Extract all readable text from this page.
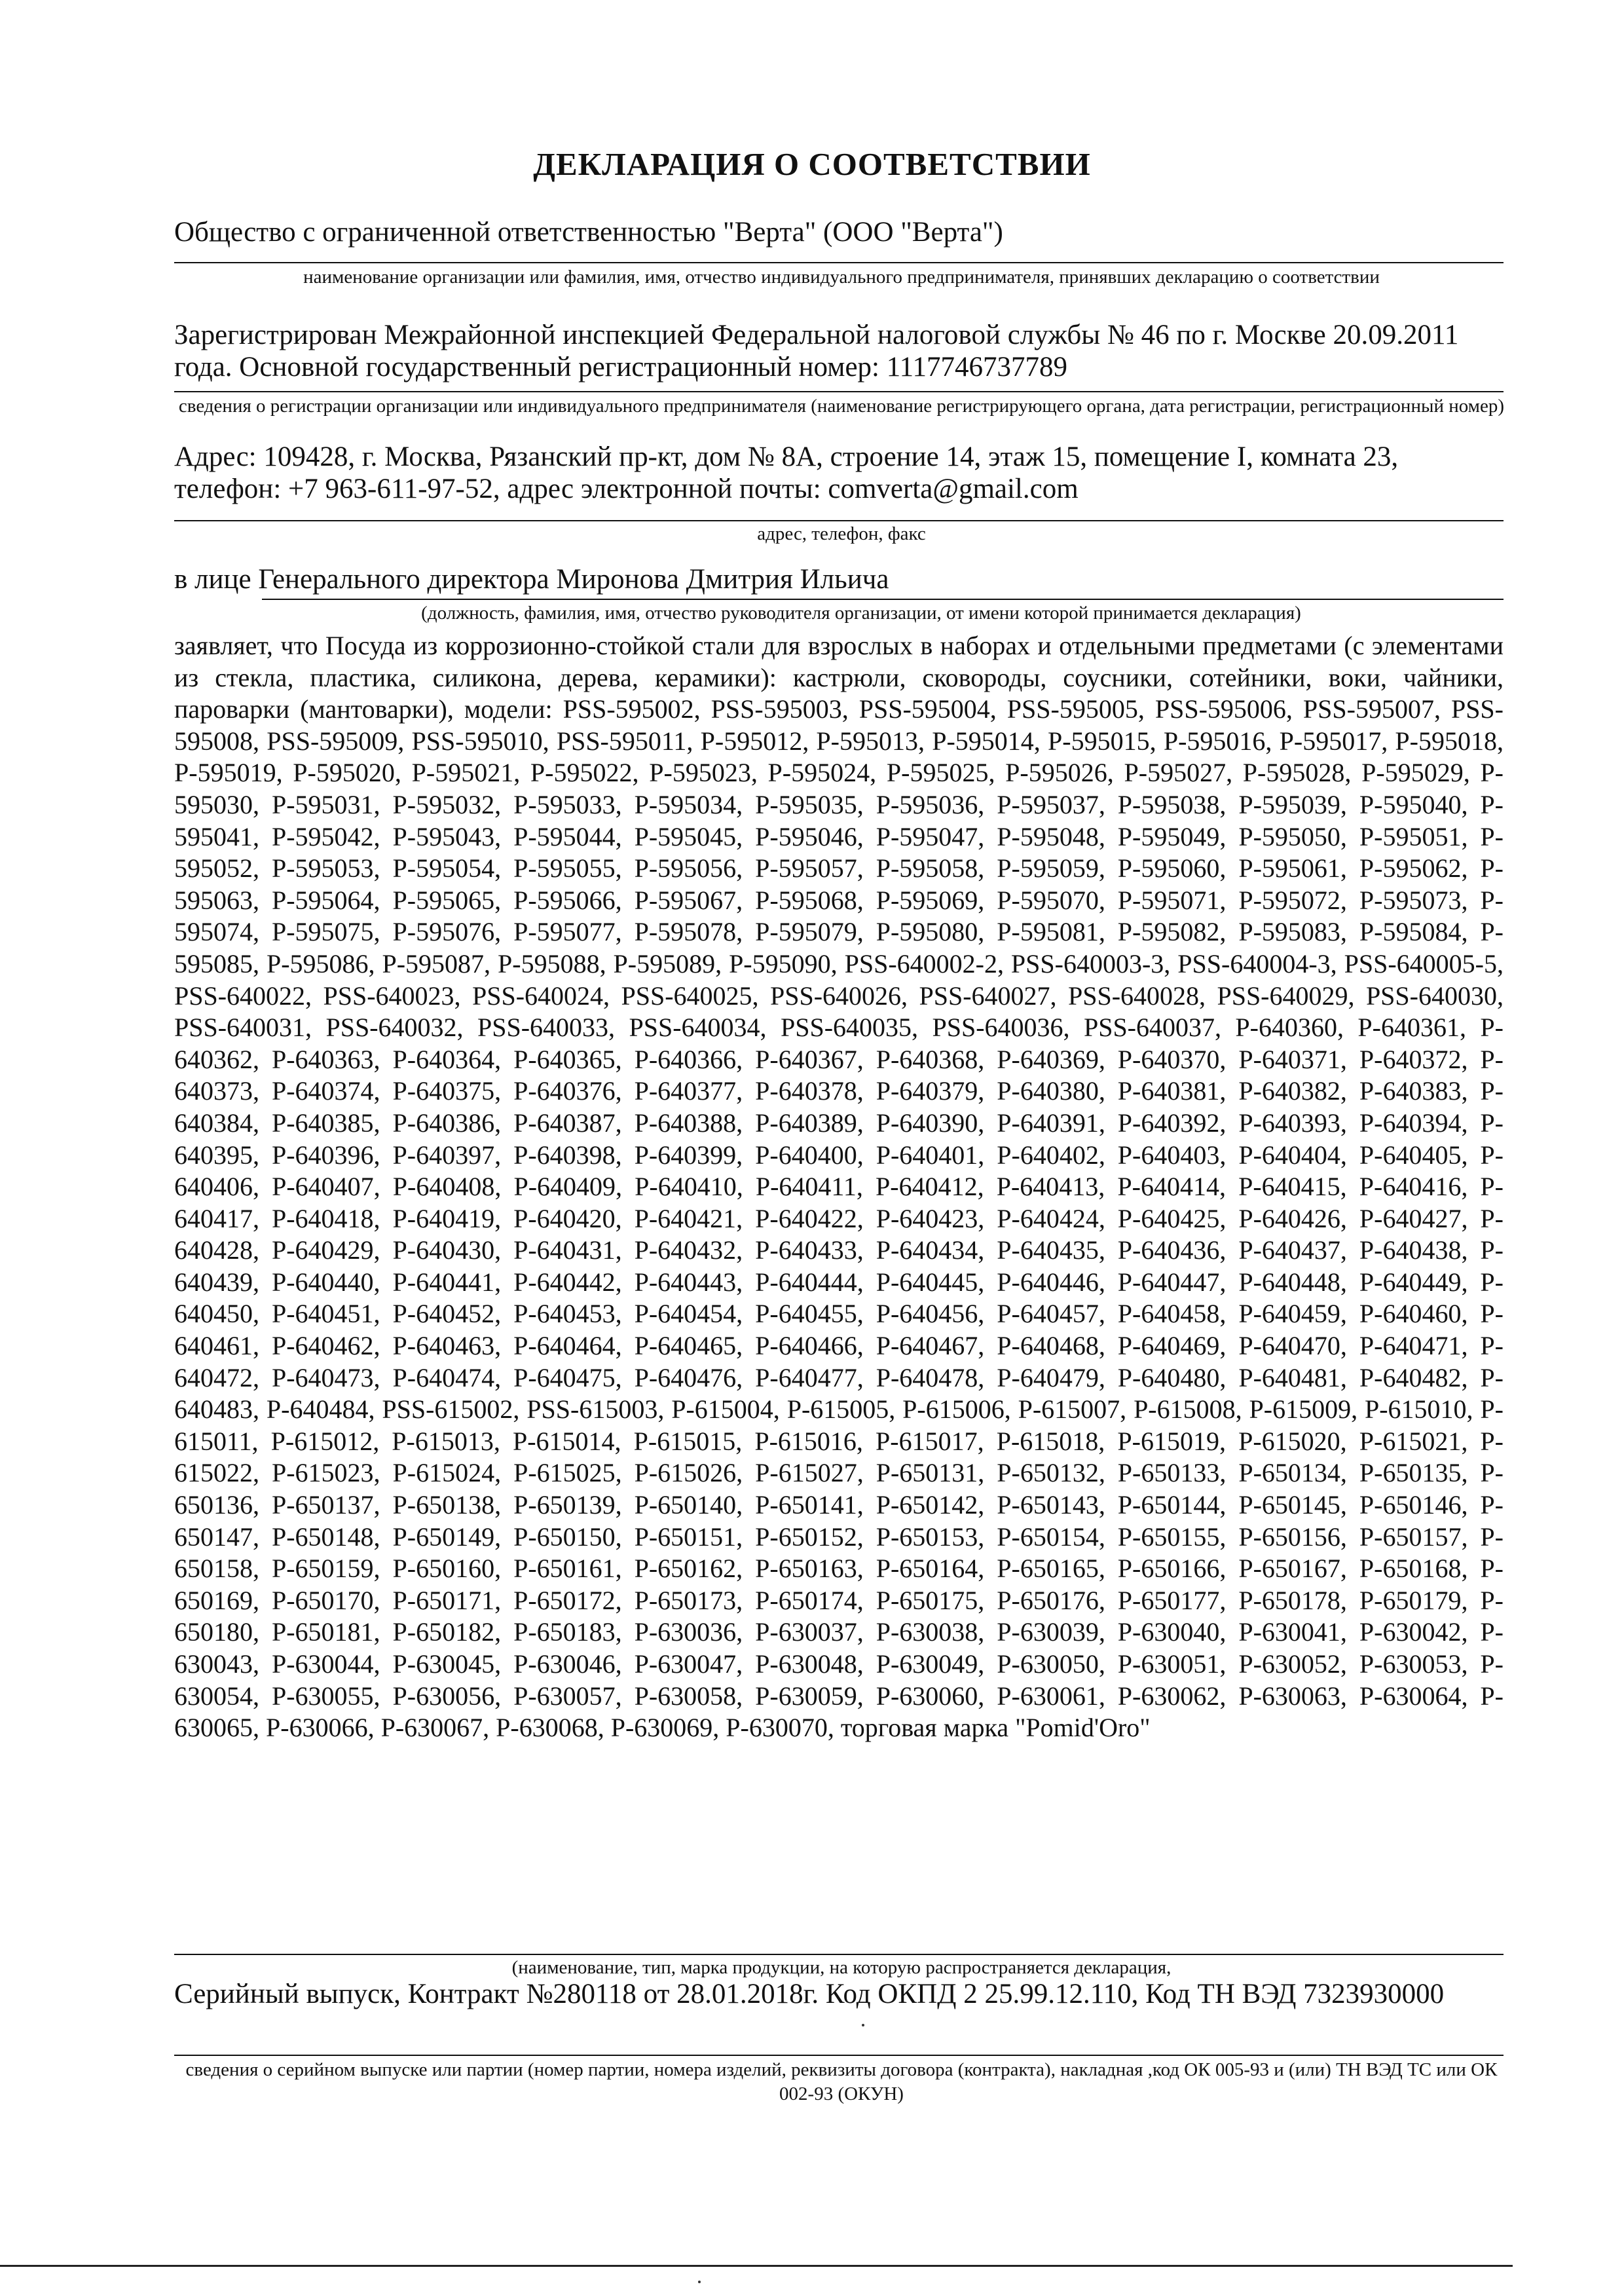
ДЕКЛАРАЦИЯ О СООТВЕТСТВИИ
Общество с ограниченной ответственностью "Верта" (ООО "Верта")
наименование организации или фамилия, имя, отчество индивидуального предпринимателя, принявших декларацию о соответствии
Зарегистрирован Межрайонной инспекцией Федеральной налоговой службы № 46 по г. Москве 20.09.2011 года. Основной государственный регистрационный номер: 1117746737789
сведения о регистрации организации или индивидуального предпринимателя (наименование регистрирующего органа, дата регистрации, регистрационный номер)
Адрес: 109428, г. Москва, Рязанский пр-кт, дом № 8А, строение 14, этаж 15, помещение I, комната 23, телефон: +7 963-611-97-52, адрес электронной почты: comverta@gmail.com
адрес, телефон, факс
в лице Генерального директора Миронова Дмитрия Ильича
(должность, фамилия, имя, отчество руководителя организации, от имени которой принимается декларация)
заявляет, что Посуда из коррозионно-стойкой стали для взрослых в наборах и отдельными предметами (с элементами из стекла, пластика, силикона, дерева, керамики): кастрюли, сковороды, соусники, сотейники, воки, чайники, пароварки (мантоварки), модели: PSS-595002, PSS-595003, PSS-595004, PSS-595005, PSS-595006, PSS-595007, PSS-595008, PSS-595009, PSS-595010, PSS-595011, P-595012, P-595013, P-595014, P-595015, P-595016, P-595017, P-595018, P-595019, P-595020, P-595021, P-595022, P-595023, P-595024, P-595025, P-595026, P-595027, P-595028, P-595029, P-595030, P-595031, P-595032, P-595033, P-595034, P-595035, P-595036, P-595037, P-595038, P-595039, P-595040, P-595041, P-595042, P-595043, P-595044, P-595045, P-595046, P-595047, P-595048, P-595049, P-595050, P-595051, P-595052, P-595053, P-595054, P-595055, P-595056, P-595057, P-595058, P-595059, P-595060, P-595061, P-595062, P-595063, P-595064, P-595065, P-595066, P-595067, P-595068, P-595069, P-595070, P-595071, P-595072, P-595073, P-595074, P-595075, P-595076, P-595077, P-595078, P-595079, P-595080, P-595081, P-595082, P-595083, P-595084, P-595085, P-595086, P-595087, P-595088, P-595089, P-595090, PSS-640002-2, PSS-640003-3, PSS-640004-3, PSS-640005-5, PSS-640022, PSS-640023, PSS-640024, PSS-640025, PSS-640026, PSS-640027, PSS-640028, PSS-640029, PSS-640030, PSS-640031, PSS-640032, PSS-640033, PSS-640034, PSS-640035, PSS-640036, PSS-640037, P-640360, P-640361, P-640362, P-640363, P-640364, P-640365, P-640366, P-640367, P-640368, P-640369, P-640370, P-640371, P-640372, P-640373, P-640374, P-640375, P-640376, P-640377, P-640378, P-640379, P-640380, P-640381, P-640382, P-640383, P-640384, P-640385, P-640386, P-640387, P-640388, P-640389, P-640390, P-640391, P-640392, P-640393, P-640394, P-640395, P-640396, P-640397, P-640398, P-640399, P-640400, P-640401, P-640402, P-640403, P-640404, P-640405, P-640406, P-640407, P-640408, P-640409, P-640410, P-640411, P-640412, P-640413, P-640414, P-640415, P-640416, P-640417, P-640418, P-640419, P-640420, P-640421, P-640422, P-640423, P-640424, P-640425, P-640426, P-640427, P-640428, P-640429, P-640430, P-640431, P-640432, P-640433, P-640434, P-640435, P-640436, P-640437, P-640438, P-640439, P-640440, P-640441, P-640442, P-640443, P-640444, P-640445, P-640446, P-640447, P-640448, P-640449, P-640450, P-640451, P-640452, P-640453, P-640454, P-640455, P-640456, P-640457, P-640458, P-640459, P-640460, P-640461, P-640462, P-640463, P-640464, P-640465, P-640466, P-640467, P-640468, P-640469, P-640470, P-640471, P-640472, P-640473, P-640474, P-640475, P-640476, P-640477, P-640478, P-640479, P-640480, P-640481, P-640482, P-640483, P-640484, PSS-615002, PSS-615003, P-615004, P-615005, P-615006, P-615007, P-615008, P-615009, P-615010, P-615011, P-615012, P-615013, P-615014, P-615015, P-615016, P-615017, P-615018, P-615019, P-615020, P-615021, P-615022, P-615023, P-615024, P-615025, P-615026, P-615027, P-650131, P-650132, P-650133, P-650134, P-650135, P-650136, P-650137, P-650138, P-650139, P-650140, P-650141, P-650142, P-650143, P-650144, P-650145, P-650146, P-650147, P-650148, P-650149, P-650150, P-650151, P-650152, P-650153, P-650154, P-650155, P-650156, P-650157, P-650158, P-650159, P-650160, P-650161, P-650162, P-650163, P-650164, P-650165, P-650166, P-650167, P-650168, P-650169, P-650170, P-650171, P-650172, P-650173, P-650174, P-650175, P-650176, P-650177, P-650178, P-650179, P-650180, P-650181, P-650182, P-650183, P-630036, P-630037, P-630038, P-630039, P-630040, P-630041, P-630042, P-630043, P-630044, P-630045, P-630046, P-630047, P-630048, P-630049, P-630050, P-630051, P-630052, P-630053, P-630054, P-630055, P-630056, P-630057, P-630058, P-630059, P-630060, P-630061, P-630062, P-630063, P-630064, P-630065, P-630066, P-630067, P-630068, P-630069, P-630070, торговая марка "Pomid'Oro"
(наименование, тип, марка продукции, на которую распространяется декларация,
Серийный выпуск, Контракт №280118 от 28.01.2018г. Код ОКПД 2 25.99.12.110, Код ТН ВЭД 7323930000
сведения о серийном выпуске или партии (номер партии, номера изделий, реквизиты договора (контракта), накладная ,код ОК 005-93 и (или) ТН ВЭД ТС или ОК 002-93 (ОКУН)
